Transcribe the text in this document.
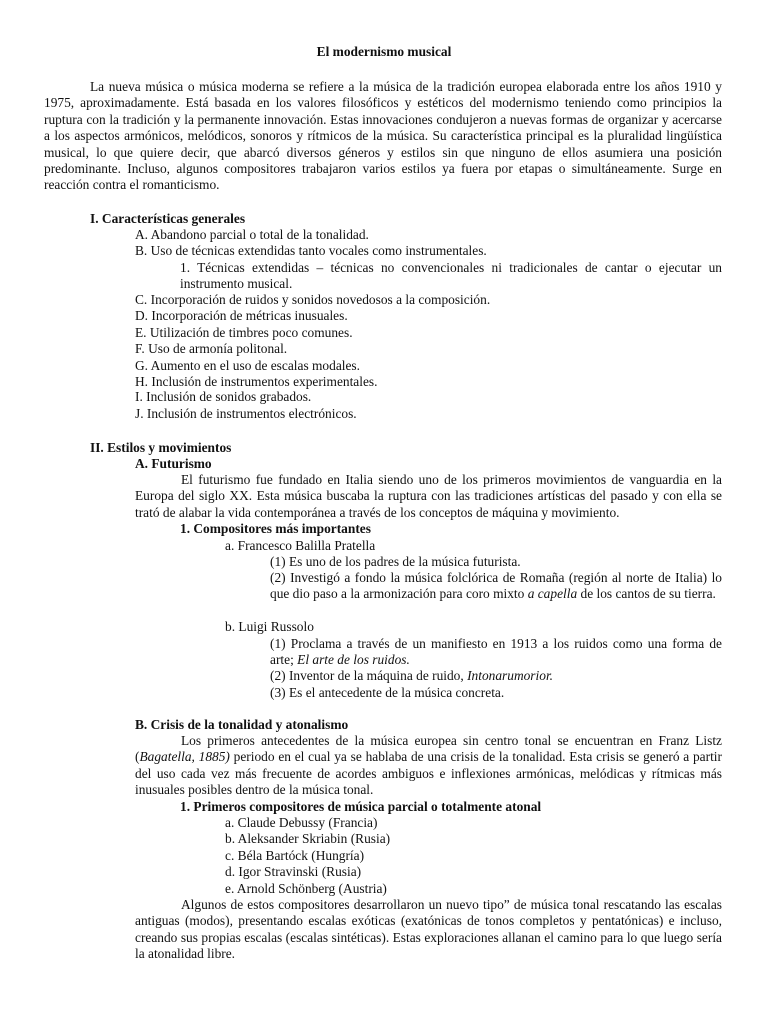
El modernismo musical

La nueva música o música moderna se refiere a la música de la tradición europea elaborada entre los años 1910 y 1975, aproximadamente. Está basada en los valores filosóficos y estéticos del modernismo teniendo como principios la ruptura con la tradición y la permanente innovación. Estas innovaciones condujeron a nuevas formas de organizar y acercarse a los aspectos armónicos, melódicos, sonoros y rítmicos de la música. Su característica principal es la pluralidad lingüística musical, lo que quiere decir, que abarcó diversos géneros y estilos sin que ninguno de ellos asumiera una posición predominante. Incluso, algunos compositores trabajaron varios estilos ya fuera por etapas o simultáneamente. Surge en reacción contra el romanticismo.

I. Características generales
A. Abandono parcial o total de la tonalidad.
B. Uso de técnicas extendidas tanto vocales como instrumentales.

1. Técnicas extendidas – técnicas no convencionales ni tradicionales de cantar o ejecutar un instrumento musical.

C. Incorporación de ruidos y sonidos novedosos a la composición.
D. Incorporación de métricas inusuales.
E. Utilización de timbres poco comunes.
F. Uso de armonía politonal.
G. Aumento en el uso de escalas modales.
H. Inclusión de instrumentos experimentales.
I. Inclusión de sonidos grabados.
J. Inclusión de instrumentos electrónicos.
II. Estilos y movimientos
A. Futurismo

El futurismo fue fundado en Italia siendo uno de los primeros movimientos de vanguardia en la Europa del siglo XX. Esta música buscaba la ruptura con las tradiciones artísticas del pasado y con ella se trató de alabar la vida contemporánea a través de los conceptos de máquina y movimiento.

1. Compositores más importantes
a. Francesco Balilla Pratella
(1) Es uno de los padres de la música futurista.

(2) Investigó a fondo la música folclórica de Romaña (región al norte de Italia) lo que dio paso a la armonización para coro mixto a capella de los cantos de su tierra.

b. Luigi Russolo

(1) Proclama a través de un manifiesto en 1913 a los ruidos como una forma de arte; El arte de los ruidos.

(2) Inventor de la máquina de ruido, Intonarumorior.
(3) Es el antecedente de la música concreta.
B. Crisis de la tonalidad y atonalismo

Los primeros antecedentes de la música europea sin centro tonal se encuentran en Franz Listz (Bagatella, 1885) periodo en el cual ya se hablaba de una crisis de la tonalidad. Esta crisis se generó a partir del uso cada vez más frecuente de acordes ambiguos e inflexiones armónicas, melódicas y rítmicas más inusuales posibles dentro de la música tonal.

1. Primeros compositores de música parcial o totalmente atonal
a. Claude Debussy (Francia)
b. Aleksander Skriabin (Rusia)
c. Béla Bartóck (Hungría)
d. Igor Stravinski (Rusia)
e. Arnold Schönberg (Austria)

Algunos de estos compositores desarrollaron un nuevo tipo” de música tonal rescatando las escalas antiguas (modos), presentando escalas exóticas (exatónicas de tonos completos y pentatónicas) e incluso, creando sus propias escalas (escalas sintéticas). Estas exploraciones allanan el camino para lo que luego sería la atonalidad libre.
